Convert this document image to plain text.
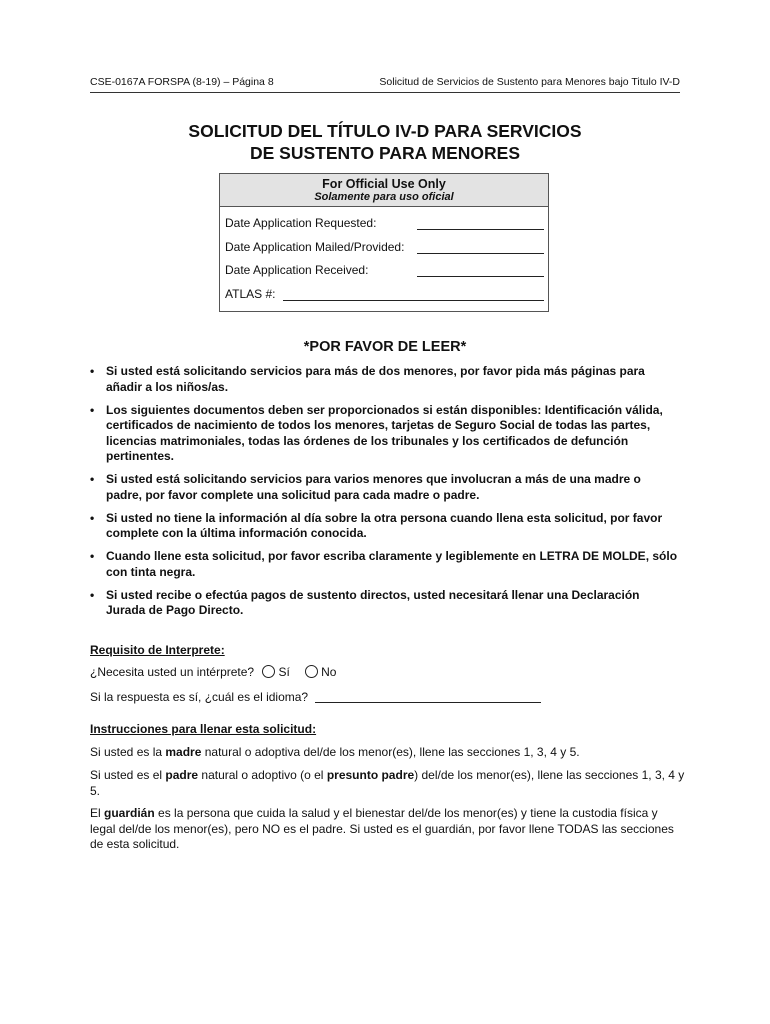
CSE-0167A FORSPA (8-19) – Página 8	Solicitud de Servicios de Sustento para Menores bajo Titulo IV-D
SOLICITUD DEL TÍTULO IV-D PARA SERVICIOS
DE SUSTENTO PARA MENORES
For Official Use Only
Solamente para uso oficial
Date Application Requested:
Date Application Mailed/Provided:
Date Application Received:
ATLAS #:
*POR FAVOR DE LEER*
• Si usted está solicitando servicios para más de dos menores, por favor pida más páginas para añadir a los niños/as.
• Los siguientes documentos deben ser proporcionados si están disponibles: Identificación válida, certificados de nacimiento de todos los menores, tarjetas de Seguro Social de todas las partes, licencias matrimoniales, todas las órdenes de los tribunales y los certificados de defunción pertinentes.
• Si usted está solicitando servicios para varios menores que involucran a más de una madre o padre, por favor complete una solicitud para cada madre o padre.
• Si usted no tiene la información al día sobre la otra persona cuando llena esta solicitud, por favor complete con la última información conocida.
• Cuando llene esta solicitud, por favor escriba claramente y legiblemente en LETRA DE MOLDE, sólo con tinta negra.
• Si usted recibe o efectúa pagos de sustento directos, usted necesitará llenar una Declaración Jurada de Pago Directo.
Requisito de Interprete:
¿Necesita usted un intérprete? Sí	No
Si la respuesta es sí, ¿cuál es el idioma?
Instrucciones para llenar esta solicitud:
Si usted es la madre natural o adoptiva del/de los menor(es), llene las secciones 1, 3, 4 y 5.
Si usted es el padre natural o adoptivo (o el presunto padre) del/de los menor(es), llene las secciones 1, 3, 4 y 5.
El guardián es la persona que cuida la salud y el bienestar del/de los menor(es) y tiene la custodia física y legal del/de los menor(es), pero NO es el padre. Si usted es el guardián, por favor llene TODAS las secciones de esta solicitud.
